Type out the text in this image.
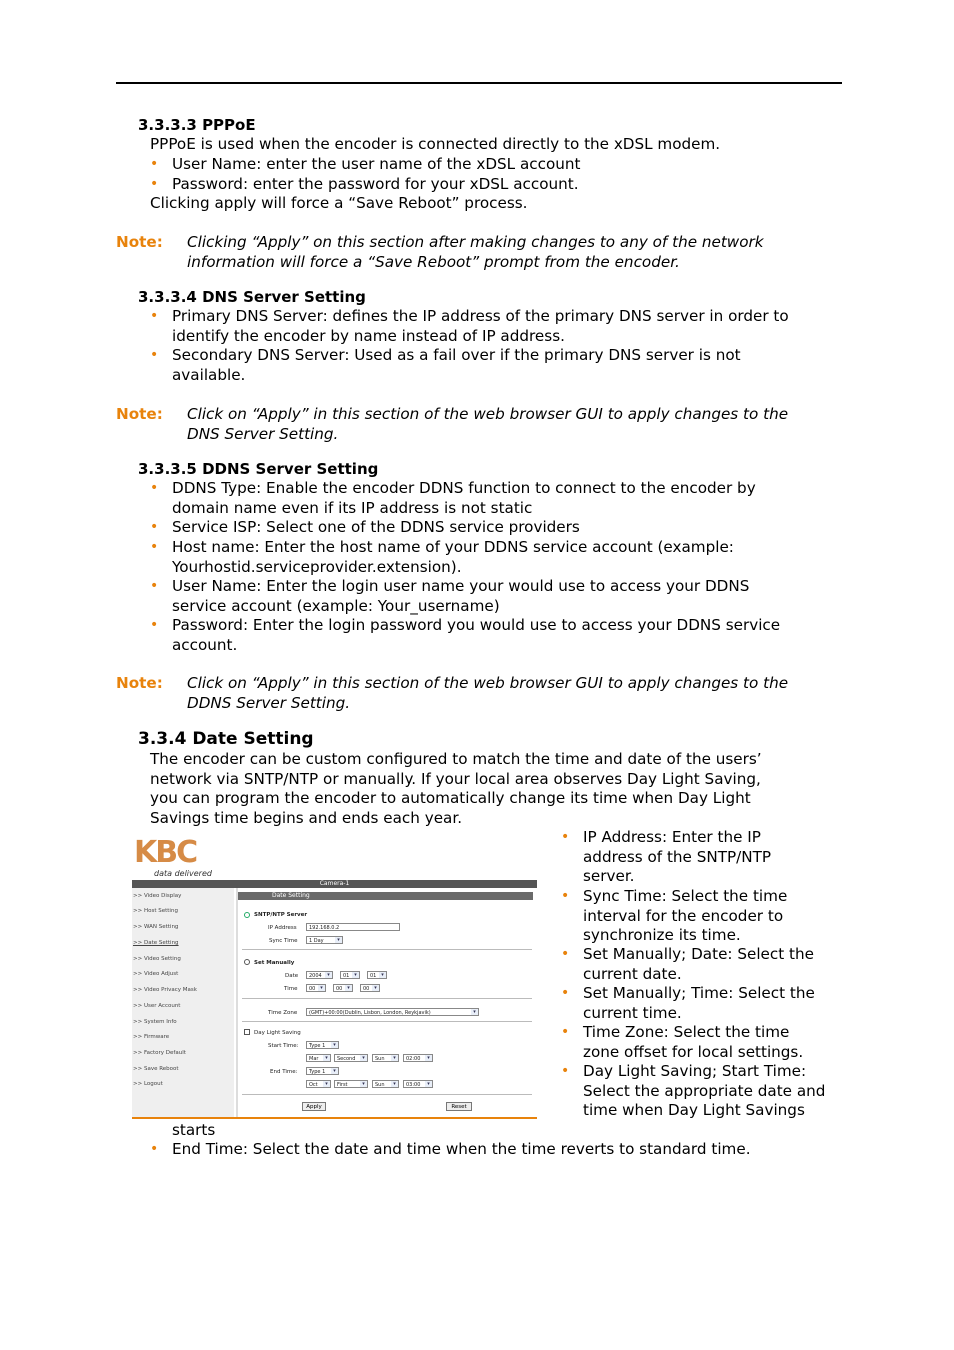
3.3.3.3 PPPoE
PPPoE is used when the encoder is connected directly to the xDSL modem.
• User Name: enter the user name of the xDSL account
• Password: enter the password for your xDSL account.
Clicking apply will force a “Save Reboot” process.
Note: Clicking “Apply” on this section after making changes to any of the network
information will force a “Save Reboot” prompt from the encoder.
3.3.3.4 DNS Server Setting
• Primary DNS Server: defines the IP address of the primary DNS server in order to
identify the encoder by name instead of IP address.
• Secondary DNS Server: Used as a fail over if the primary DNS server is not
available.
Note: Click on “Apply” in this section of the web browser GUI to apply changes to the
DNS Server Setting.
3.3.3.5 DDNS Server Setting
• DDNS Type: Enable the encoder DDNS function to connect to the encoder by
domain name even if its IP address is not static
• Service ISP: Select one of the DDNS service providers
• Host name: Enter the host name of your DDNS service account (example:
Yourhostid.serviceprovider.extension).
• User Name: Enter the login user name your would use to access your DDNS
service account (example: Your_username)
• Password: Enter the login password you would use to access your DDNS service
account.
Note: Click on “Apply” in this section of the web browser GUI to apply changes to the
DDNS Server Setting.
3.3.4 Date Setting
The encoder can be custom configured to match the time and date of the users’
network via SNTP/NTP or manually. If your local area observes Day Light Saving,
you can program the encoder to automatically change its time when Day Light
Savings time begins and ends each year.
• IP Address: Enter the IP
address of the SNTP/NTP
server.
• Sync Time: Select the time
interval for the encoder to
synchronize its time.
• Set Manually; Date: Select the
current date.
• Set Manually; Time: Select the
current time.
• Time Zone: Select the time
zone offset for local settings.
• Day Light Saving; Start Time:
Select the appropriate date and
time when Day Light Savings
starts
• End Time: Select the date and time when the time reverts to standard time.
KBC
data delivered
Camera-1
>> Video Display
>> Host Setting
>> WAN Setting
>> Date Setting
>> Video Setting
>> Video Adjust
>> Video Privacy Mask
>> User Account
>> System Info
>> Firmware
>> Factory Default
>> Save Reboot
>> Logout
Date Setting
SNTP/NTP Server
IP Address	192.168.0.2
Sync Time	1 Day	▾
Set Manually
Date	2004	▾	01 ▾	01 ▾
Time	00 ▾	00 ▾	00 ▾
Time Zone	(GMT)+00:00(Dublin, Lisbon, London, Reykjavik)	▾
Day Light Saving
Start Time:	Type 1	▾
Mar	▾	Second	▾	Sun	▾	02:00	▾
End Time:	Type 1	▾
Oct	▾	First	▾	Sun	▾	03:00	▾
Apply	Reset
